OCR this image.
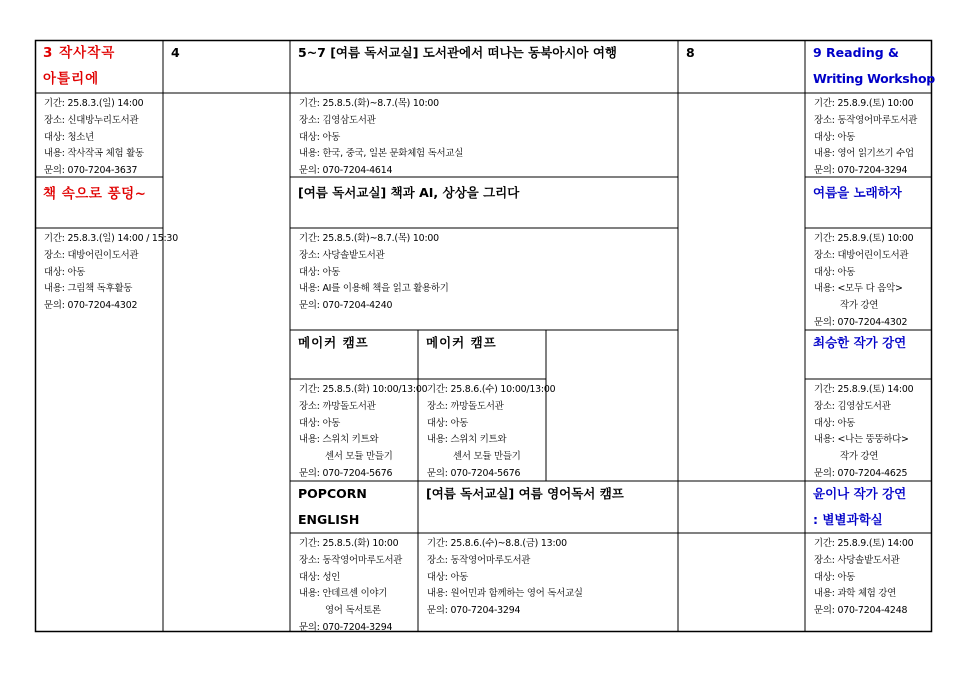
3 작사작곡
아틀리에
기간: 25.8.3.(일) 14:00
장소: 신대방누리도서관
대상: 청소년
내용: 작사작곡 체험 활동
문의: 070-7204-3637
책 속으로 풍덩~
기간: 25.8.3.(일) 14:00 / 15:30
장소: 대방어린이도서관
대상: 아동
내용: 그림책 독후활동
문의: 070-7204-4302
4	5~7 [여름 독서교실] 도서관에서 떠나는 동북아시아 여행
기간: 25.8.5.(화)~8.7.(목) 10:00
장소: 김영삼도서관
대상: 아동
내용: 한국, 중국, 일본 문화체험 독서교실
문의: 070-7204-4614
[여름 독서교실] 책과 AI, 상상을 그리다
기간: 25.8.5.(화)~8.7.(목) 10:00
장소: 사당솔밭도서관
대상: 아동
내용: AI를 이용해 책을 읽고 활용하기
문의: 070-7204-4240
메이커 캠프
기간: 25.8.5.(화) 10:00/13:00
장소: 까망돌도서관
대상: 아동
내용: 스위치 키트와
센서 모듈 만들기
문의: 070-7204-5676
메이커 캠프
기간: 25.8.6.(수) 10:00/13:00
장소: 까망돌도서관
대상: 아동
내용: 스위치 키트와
센서 모듈 만들기
문의: 070-7204-5676
POPCORN
ENGLISH
기간: 25.8.5.(화) 10:00
장소: 동작영어마루도서관
대상: 성인
내용: 안데르센 이야기
영어 독서토론
문의: 070-7204-3294
[여름 독서교실] 여름 영어독서 캠프
기간: 25.8.6.(수)~8.8.(금) 13:00
장소: 동작영어마루도서관
대상: 아동
내용: 원어민과 함께하는 영어 독서교실
문의: 070-7204-3294
8	9 Reading &
Writing Workshop
기간: 25.8.9.(토) 10:00
장소: 동작영어마루도서관
대상: 아동
내용: 영어 읽기쓰기 수업
문의: 070-7204-3294
여름을 노래하자
기간: 25.8.9.(토) 10:00
장소: 대방어린이도서관
대상: 아동
내용: <모두 다 음악>
작가 강연
문의: 070-7204-4302
최승한 작가 강연
기간: 25.8.9.(토) 14:00
장소: 김영삼도서관
대상: 아동
내용: <나는 뚱뚱하다>
작가 강연
문의: 070-7204-4625
윤이나 작가 강연
: 별별과학실
기간: 25.8.9.(토) 14:00
장소: 사당솔밭도서관
대상: 아동
내용: 과학 체험 강연
문의: 070-7204-4248
